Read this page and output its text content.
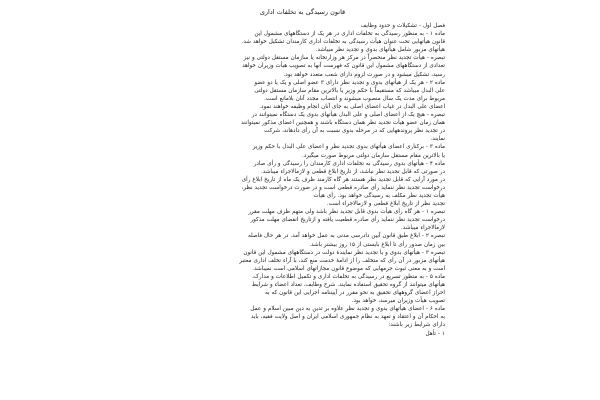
قانون رسیدگی به تخلفات اداری

فصل اول - تشکیلات و حدود وظایف

ماده ۱ - به منظور رسیدگی به تخلفات اداری در هر یک از دستگاههای مشمول این

قانون هیأتهایی تحت عنوان هیأت رسیدگی به تخلفات اداری کارمندان تشکیل خواهد شد.

هیأتهای مزبور شامل هیأتهای بدوی و تجدید نظر میباشد.

تبصره - هیأت تجدید نظر منحصراً در مرکز هر وزارتخانه یا سازمان مستقل دولتی و نیز

تعدادی از دستگاههای مشمول این قانون که فهرست آنها به تصویب هیأت وزیران خواهد

رسید، تشکیل میشود و در صورت لزوم دارای شعب متعدد خواهد بود.

ماده ۲ - هر یک از هیأتهای بدوی و تجدید نظر دارای ۳ عضو اصلی و یک یا دو عضو

علی البدل میباشد که مستقیماً با حکم وزیر یا بالاترین مقام سازمان مستقل دولتی

مربوط برای مدت یک سال منصوب میشوند و انتصاب مجدد آنان بلامانع است.

اعضای علی البدل در غیاب اعضای اصلی به جای آنان انجام وظیفه خواهند نمود.

تبصره - هیچ یک از اعضای اصلی و علی البدل هیأتهای بدوی یک دستگاه نمیتوانند در

همان زمان عضو هیأت تجدید نظر همان دستگاه باشند و همچنین اعضای مذکور نمیتوانند

در تجدید نظر پروندههایی که در مرحله بدوی نسبت به آن رأی دادهاند، شرکت

نمایند.

ماده ۳ - برکناری اعضای هیأتهای بدوی تجدید نظر و اعضای علی البدل با حکم وزیر

یا بالاترین مقام مستقل سازمان دولتی مربوط صورت میگیرد.

ماده ۴ - هیأتهای بدوی رسیدگی به تخلفات اداری کارمندان را رسیدگی و رأی صادر

در صورتی که قابل تجدید نظر نباشد، از تاریخ ابلاغ قطعی و لازمالاجراء میباشد.

در مورد آرایی که قابل تجدید نظر هستند هر گاه کارمند ظرف یک ماه از تاریخ ابلاغ رأی

درخواست تجدید نظر ننماید رأی صادره قطعی است و در صورت درخواست تجدید نظر،

هیأت تجدید نظر مکلف به رسیدگی خواهد بود. رأی هیأت

تجدید نظر از تاریخ ابلاغ قطعی و لازمالاجراء است.

تبصره ۱ - هر گاه رأی هیأت بدوی قابل تجدید نظر باشد ولی متهم ظرف مهلت مقرر

درخواست تجدید نظر ننماید رأی صادره قطعیت یافته و ازتاریخ انقضای مهلت مذکور

لازمالاجراء میباشد.

تبصره ۲ - ابلاغ طبق قانون آیین دادرسی مدنی به عمل خواهد آمد. در هر حال فاصله

بین زمان صدور رأی تا ابلاغ بایستی از ۱۵ روز بیشتر باشد.

تبصره ۳ - هیأتهای بدوی و یا تجدید نظر نمایندۀ دولت در دستگاههای مشمول این قانون

هیأتهای مزبور در آن رأی که متخلف را از ادامۀ خدمت منع کند، با آراء تخلف اداری معتبر

است و به معنی ثبوت جرمهایی که موضوع قانون مجازاتهای اسلامی است نمیباشد.

ماده ۵ - به منظور تسریع در رسیدگی به تخلفات اداری و تکمیل اطلاعات و مدارک،

هیأتهای میتوانند از گروه تحقیق استفاده نمایند. شرح وظایف، تعداد اعضاء و شرایط

احراز اعضای گروههای تحقیق به نحو مقرر در آییننامه اجرایی این قانون که به

تصویب هیأت وزیران میرسد، خواهد بود.

ماده ۶ - اعضای هیأتهای بدوی و تجدید نظر علاوه بر تدین به دین مبین اسلام و عمل

به احکام آن و اعتقاد و تعهد به نظام جمهوری اسلامی ایران و اصل ولایت فقیه، باید

دارای شرایط زیر باشند:

۱ - تأهل
